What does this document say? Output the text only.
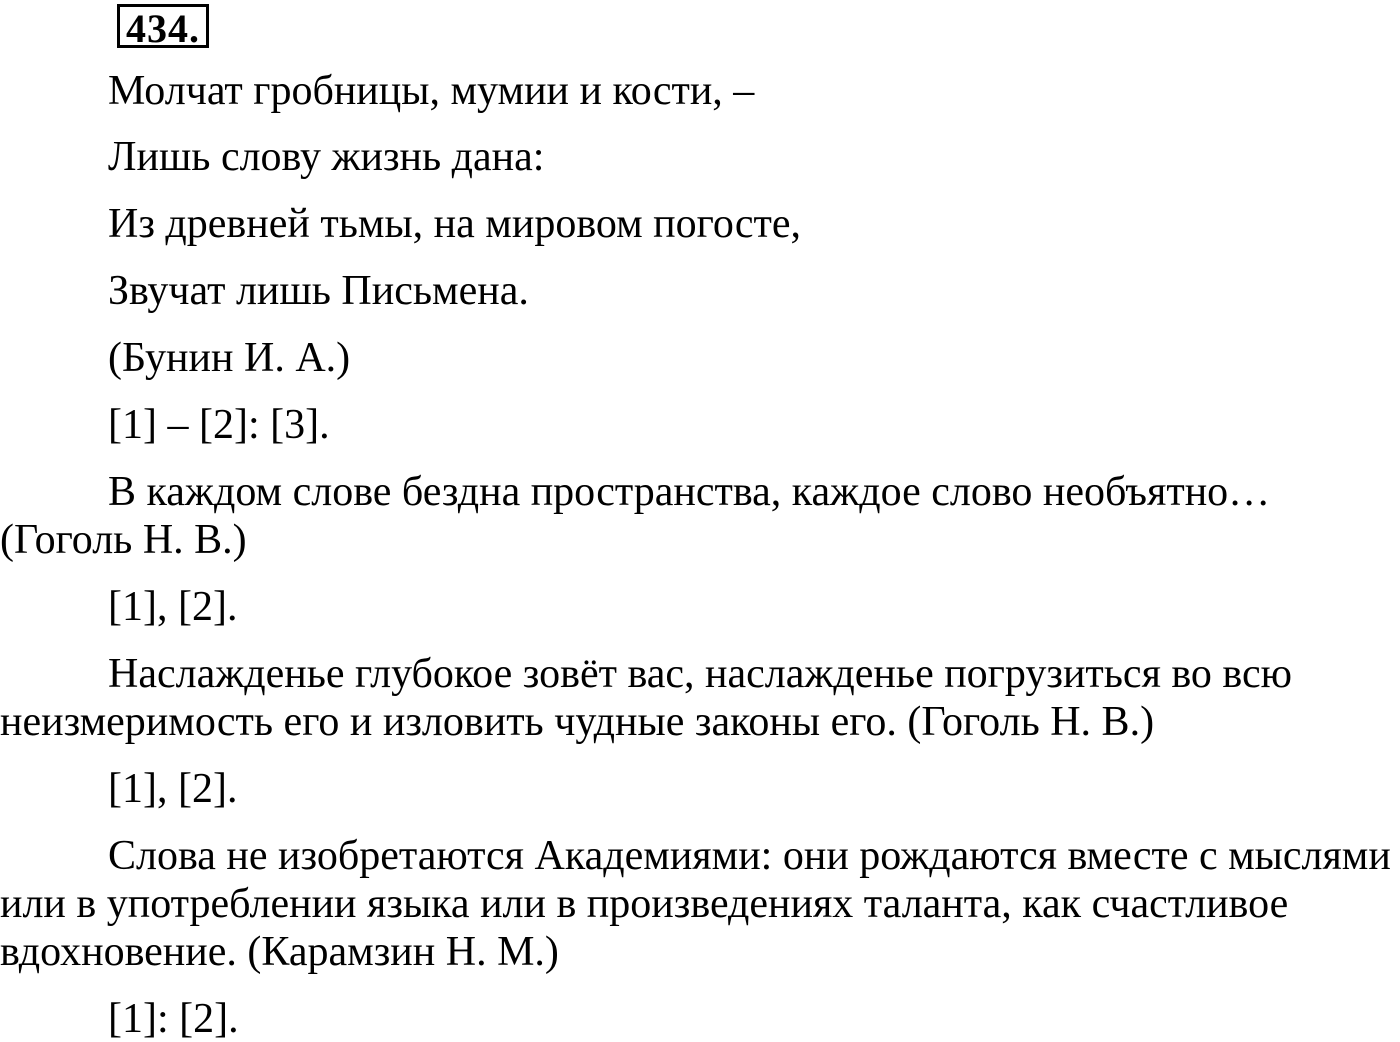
434.
Молчат гробницы, мумии и кости, –
Лишь слову жизнь дана:
Из древней тьмы, на мировом погосте,
Звучат лишь Письмена.
(Бунин И. А.)
[1] – [2]: [3].
В каждом слове бездна пространства, каждое слово необъятно…
(Гоголь Н. В.)
[1], [2].
Наслажденье глубокое зовёт вас, наслажденье погрузиться во всю
неизмеримость его и изловить чудные законы его. (Гоголь Н. В.)
[1], [2].
Слова не изобретаются Академиями: они рождаются вместе с мыслями
или в употреблении языка или в произведениях таланта, как счастливое
вдохновение. (Карамзин Н. М.)
[1]: [2].
